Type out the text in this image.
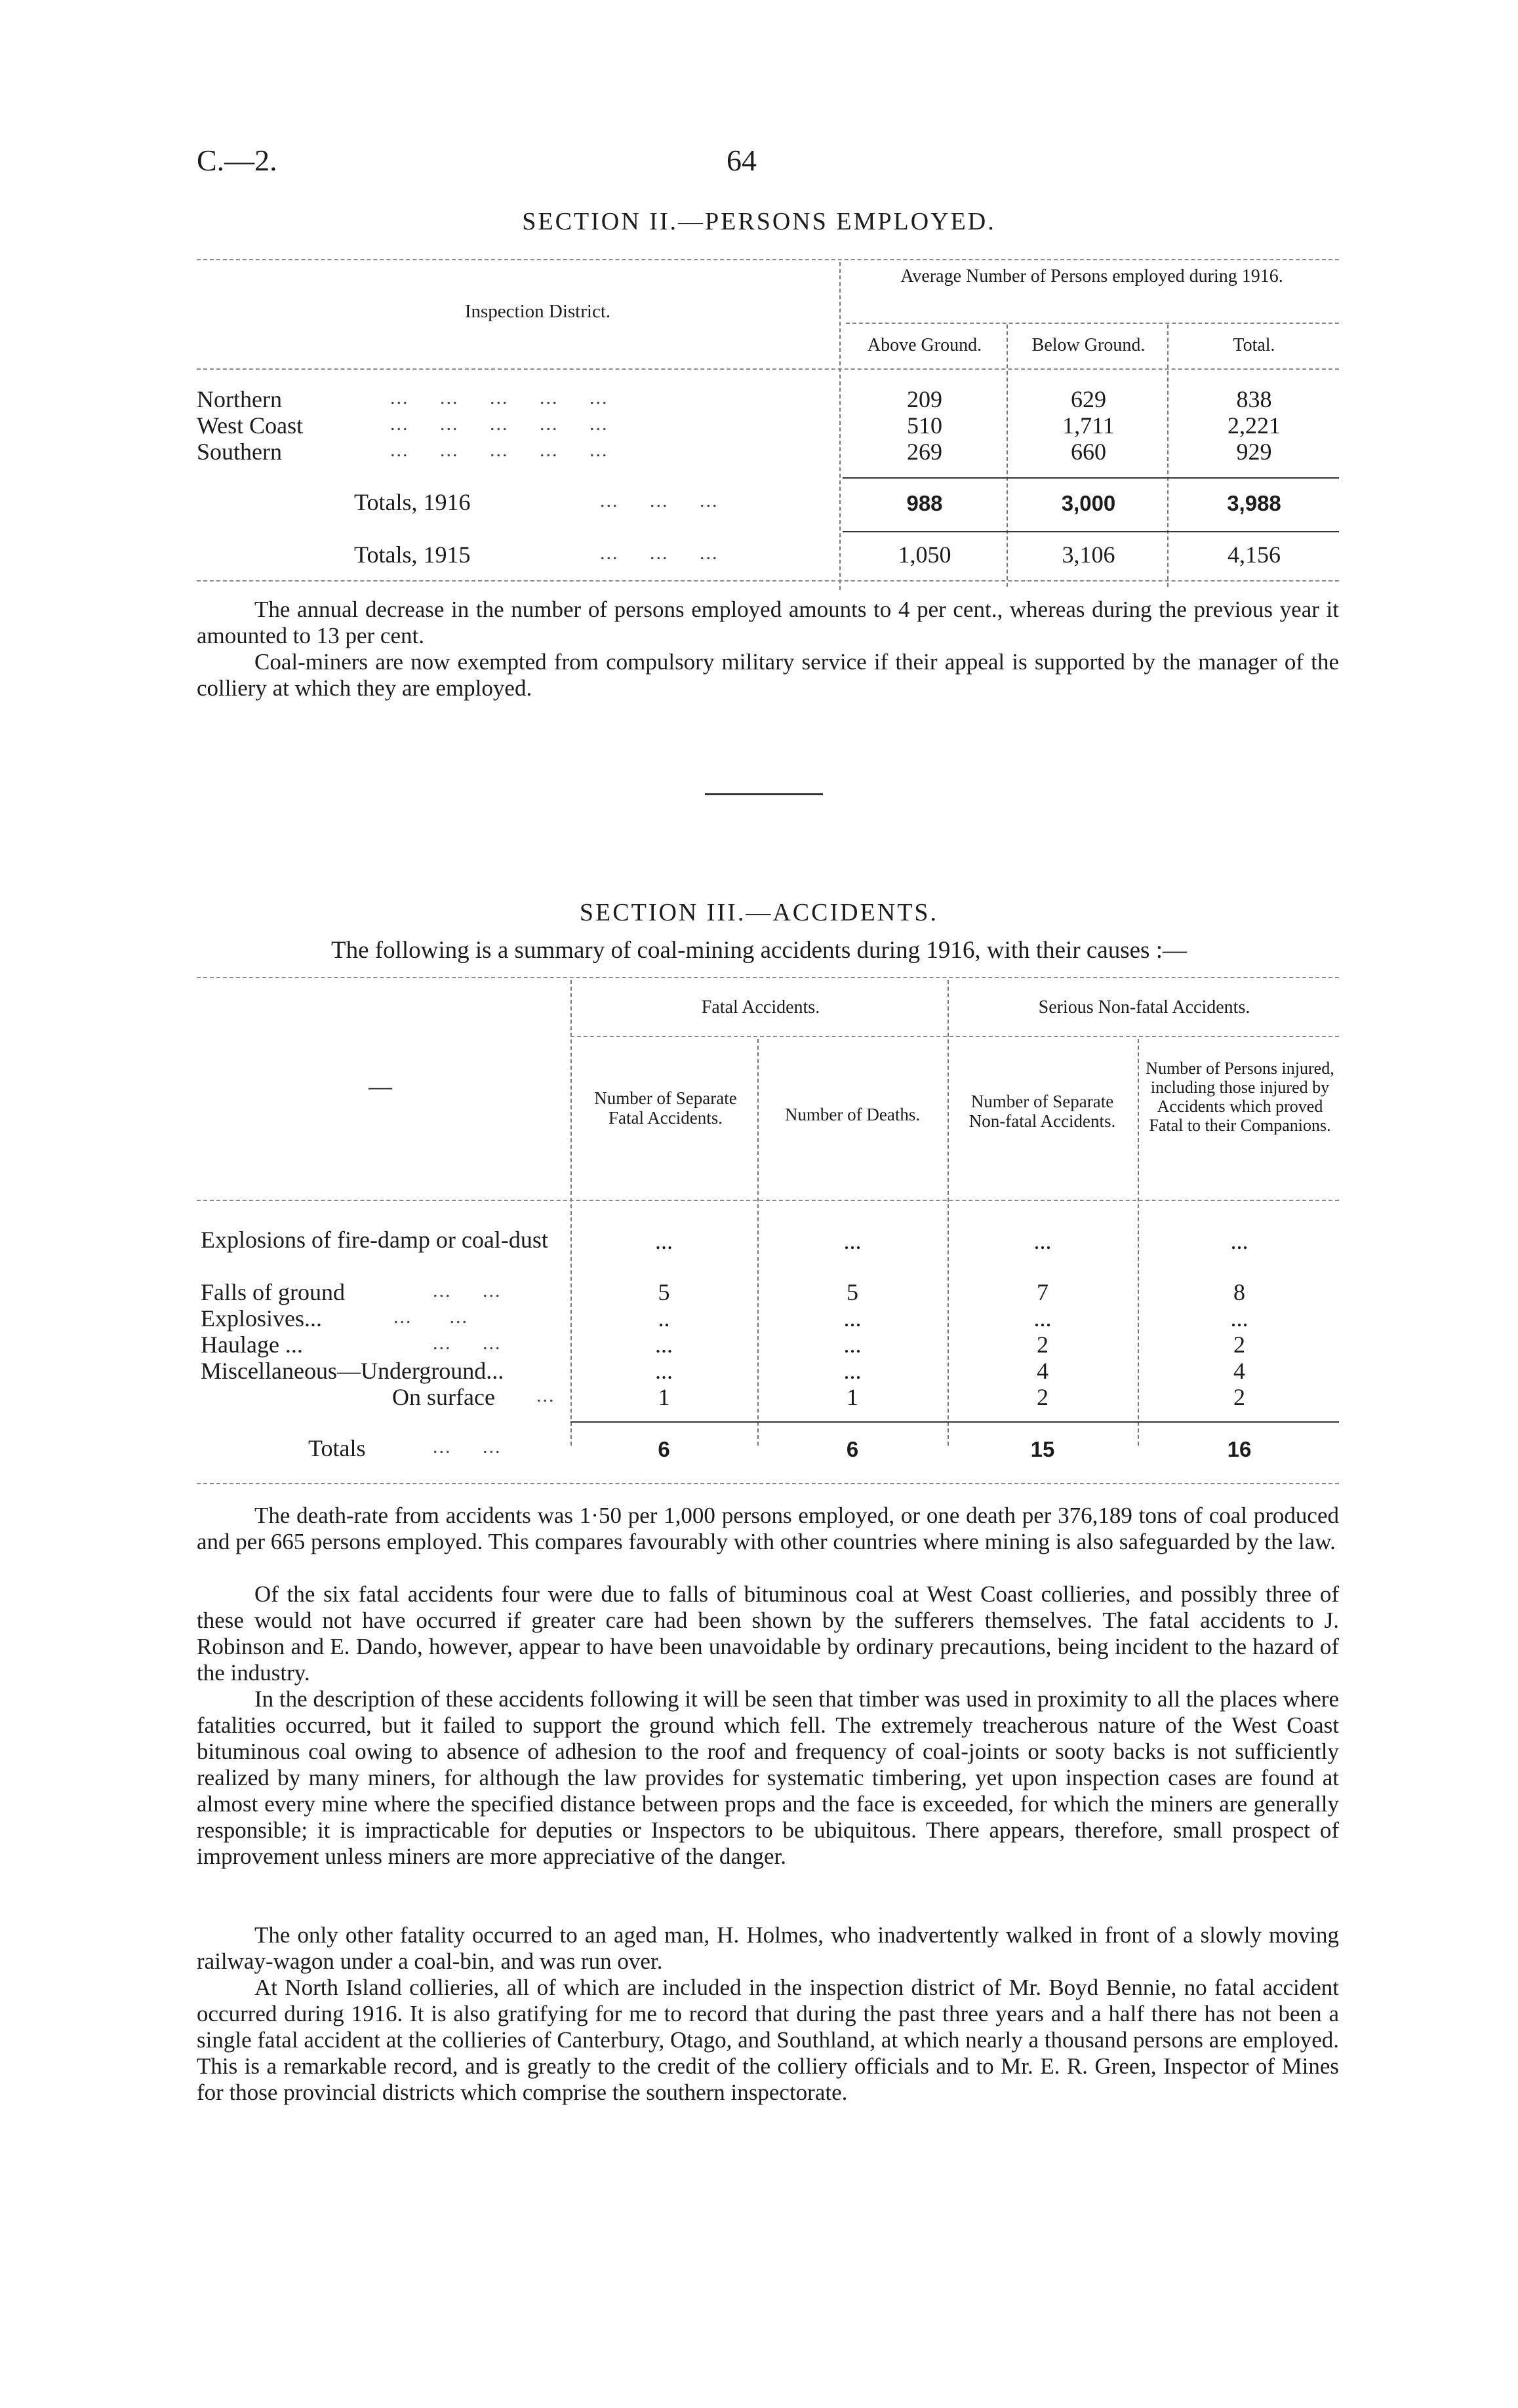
C.—2.	64
SECTION II.—PERSONS EMPLOYED.
Inspection District.
Average Number of Persons employed during 1916.
Above Ground.	Below Ground.	Total.
Northern	...     ...     ...     ...     ...	209	629	838
West Coast	...     ...     ...     ...     ...	510	1,711	2,221
Southern	...     ...     ...     ...     ...	269	660	929
Totals, 1916	...     ...     ...	988	3,000	3,988
Totals, 1915	...     ...     ...	1,050	3,106	4,156
The annual decrease in the number of persons employed amounts to 4 per cent., whereas during the previous year it amounted to 13 per cent.
Coal-miners are now exempted from compulsory military service if their appeal is supported by the manager of the colliery at which they are employed.
SECTION III.—ACCIDENTS.
The following is a summary of coal-mining accidents during 1916, with their causes :—
Fatal Accidents.	Serious Non-fatal Accidents.
—	Number of Separate Fatal Accidents.	Number of Deaths.
Number of Separate Non-fatal Accidents.
Number of Persons injured, including those injured by Accidents which proved Fatal to their Companions.
Explosions of fire-damp or coal-dust	...	...	...	...
Falls of ground	...     ...	5	5	7	8
Explosives...	...      ...	..	...	...	...
Haulage ...	...     ...	...	...	2	2
Miscellaneous—Underground...	...	...	4	4
On surface ...	1	1	2	2
Totals	...     ...	6	6	15	16
The death-rate from accidents was 1·50 per 1,000 persons employed, or one death per 376,189 tons of coal produced and per 665 persons employed. This compares favourably with other countries where mining is also safeguarded by the law.
Of the six fatal accidents four were due to falls of bituminous coal at West Coast collieries, and possibly three of these would not have occurred if greater care had been shown by the sufferers themselves. The fatal accidents to J. Robinson and E. Dando, however, appear to have been unavoidable by ordinary precautions, being incident to the hazard of the industry.
In the description of these accidents following it will be seen that timber was used in proximity to all the places where fatalities occurred, but it failed to support the ground which fell. The extremely treacherous nature of the West Coast bituminous coal owing to absence of adhesion to the roof and frequency of coal-joints or sooty backs is not sufficiently realized by many miners, for although the law provides for systematic timbering, yet upon inspection cases are found at almost every mine where the specified distance between props and the face is exceeded, for which the miners are generally responsible; it is impracticable for deputies or Inspectors to be ubiquitous. There appears, therefore, small prospect of improvement unless miners are more appreciative of the danger.
The only other fatality occurred to an aged man, H. Holmes, who inadvertently walked in front of a slowly moving railway-wagon under a coal-bin, and was run over.
At North Island collieries, all of which are included in the inspection district of Mr. Boyd Bennie, no fatal accident occurred during 1916. It is also gratifying for me to record that during the past three years and a half there has not been a single fatal accident at the collieries of Canterbury, Otago, and Southland, at which nearly a thousand persons are employed. This is a remarkable record, and is greatly to the credit of the colliery officials and to Mr. E. R. Green, Inspector of Mines for those provincial districts which comprise the southern inspectorate.
